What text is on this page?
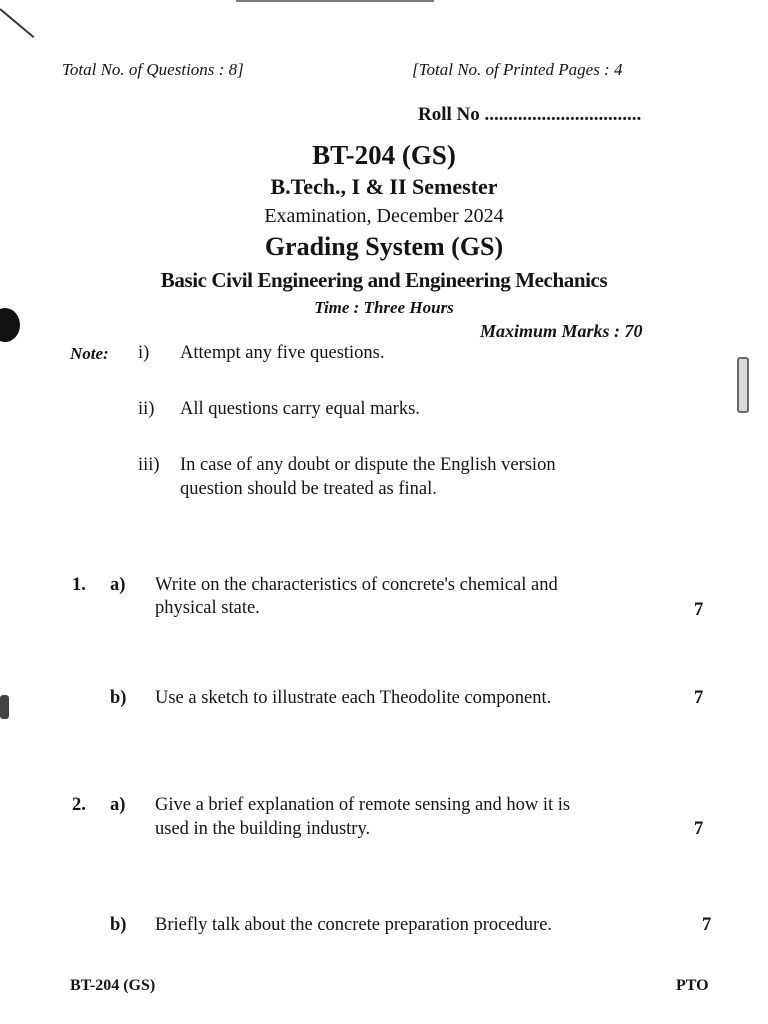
Total No. of Questions : 8]	[Total No. of Printed Pages : 4
Roll No .................................
BT-204 (GS)
B.Tech., I & II Semester
Examination, December 2024
Grading System (GS)
Basic Civil Engineering and Engineering Mechanics
Time : Three Hours
Maximum Marks : 70
Note: i) Attempt any five questions.
ii) All questions carry equal marks.
iii) In case of any doubt or dispute the English version
question should be treated as final.
1. a) Write on the characteristics of concrete's chemical and
physical state.	7
b) Use a sketch to illustrate each Theodolite component.	7
2. a) Give a brief explanation of remote sensing and how it is
used in the building industry.	7
b) Briefly talk about the concrete preparation procedure.	7
BT-204 (GS)	PTO
